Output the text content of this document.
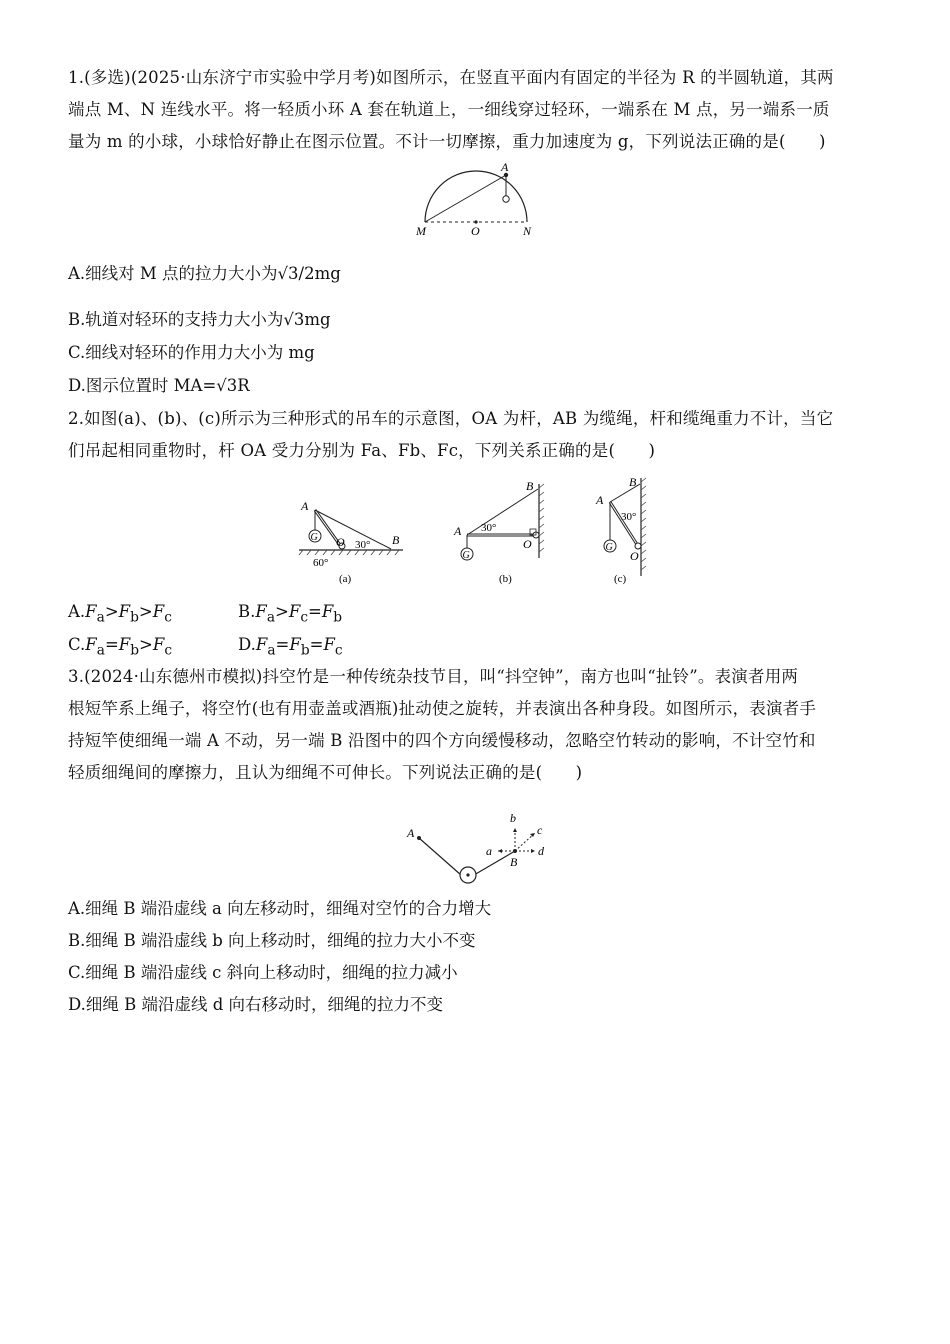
1.(多选)(2025·山东济宁市实验中学月考)如图所示，在竖直平面内有固定的半径为 R 的半圆轨道，其两
端点 M、N 连线水平。将一轻质小环 A 套在轨道上，一细线穿过轻环，一端系在 M 点，另一端系一质
量为 m 的小球，小球恰好静止在图示位置。不计一切摩擦，重力加速度为 g，下列说法正确的是(　　)
A
M	O	N
A.细线对 M 点的拉力大小为√3/2mg
B.轨道对轻环的支持力大小为√3mg
C.细线对轻环的作用力大小为 mg
D.图示位置时 MA=√3R
2.如图(a)、(b)、(c)所示为三种形式的吊车的示意图，OA 为杆，AB 为缆绳，杆和缆绳重力不计，当它
们吊起相同重物时，杆 OA 受力分别为 Fa、Fb、Fc，下列关系正确的是(　　)
A
G O	B
30°
60°
(a)
A
G
O
B
30°
(b)
A
G
O
B
30°
(c)
$A.F_a>F_b>F_c$	$B.F_a>F_c=F_b$
$C.F_a=F_b>F_c$	$D.F_a=F_b=F_c$
3.(2024·山东德州市模拟)抖空竹是一种传统杂技节目，叫“抖空钟”，南方也叫“扯铃”。表演者用两
根短竿系上绳子，将空竹(也有用壶盖或酒瓶)扯动使之旋转，并表演出各种身段。如图所示，表演者手
持短竿使细绳一端 A 不动，另一端 B 沿图中的四个方向缓慢移动，忽略空竹转动的影响，不计空竹和
轻质细绳间的摩擦力，且认为细绳不可伸长。下列说法正确的是(　　)
A
B
a
b
c
d
A.细绳 B 端沿虚线 a 向左移动时，细绳对空竹的合力增大
B.细绳 B 端沿虚线 b 向上移动时，细绳的拉力大小不变
C.细绳 B 端沿虚线 c 斜向上移动时，细绳的拉力减小
D.细绳 B 端沿虚线 d 向右移动时，细绳的拉力不变
